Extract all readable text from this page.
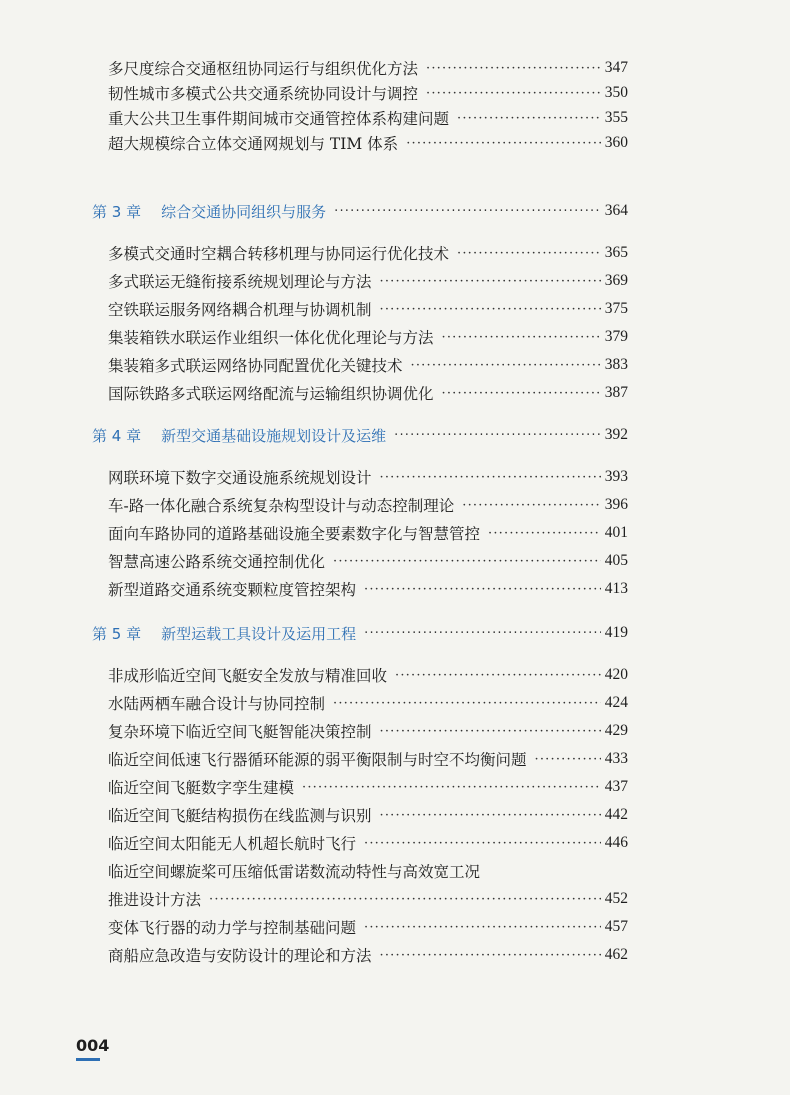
多尺度综合交通枢纽协同运行与组织优化方法 ·····	347
韧性城市多模式公共交通系统协同设计与调控 ·····	350
重大公共卫生事件期间城市交通管控体系构建问题 ·····	355
超大规模综合立体交通网规划与 TIM 体系 ·····	360
第 3 章 综合交通协同组织与服务 ·····	364
多模式交通时空耦合转移机理与协同运行优化技术 ·····	365
多式联运无缝衔接系统规划理论与方法 ·····	369
空铁联运服务网络耦合机理与协调机制 ·····	375
集装箱铁水联运作业组织一体化优化理论与方法 ·····	379
集装箱多式联运网络协同配置优化关键技术 ·····	383
国际铁路多式联运网络配流与运输组织协调优化 ·····	387
第 4 章 新型交通基础设施规划设计及运维 ·····	392
网联环境下数字交通设施系统规划设计 ·····	393
车-路一体化融合系统复杂构型设计与动态控制理论 ·····	396
面向车路协同的道路基础设施全要素数字化与智慧管控 ·····	401
智慧高速公路系统交通控制优化 ·····	405
新型道路交通系统变颗粒度管控架构 ·····	413
第 5 章 新型运载工具设计及运用工程 ·····	419
非成形临近空间飞艇安全发放与精准回收 ·····	420
水陆两栖车融合设计与协同控制 ·····	424
复杂环境下临近空间飞艇智能决策控制 ·····	429
临近空间低速飞行器循环能源的弱平衡限制与时空不均衡问题 ·····	433
临近空间飞艇数字孪生建模 ·····	437
临近空间飞艇结构损伤在线监测与识别 ·····	442
临近空间太阳能无人机超长航时飞行 ·····	446
临近空间螺旋桨可压缩低雷诺数流动特性与高效宽工况
推进设计方法 ·····	452
变体飞行器的动力学与控制基础问题 ·····	457
商船应急改造与安防设计的理论和方法 ·····	462
004
